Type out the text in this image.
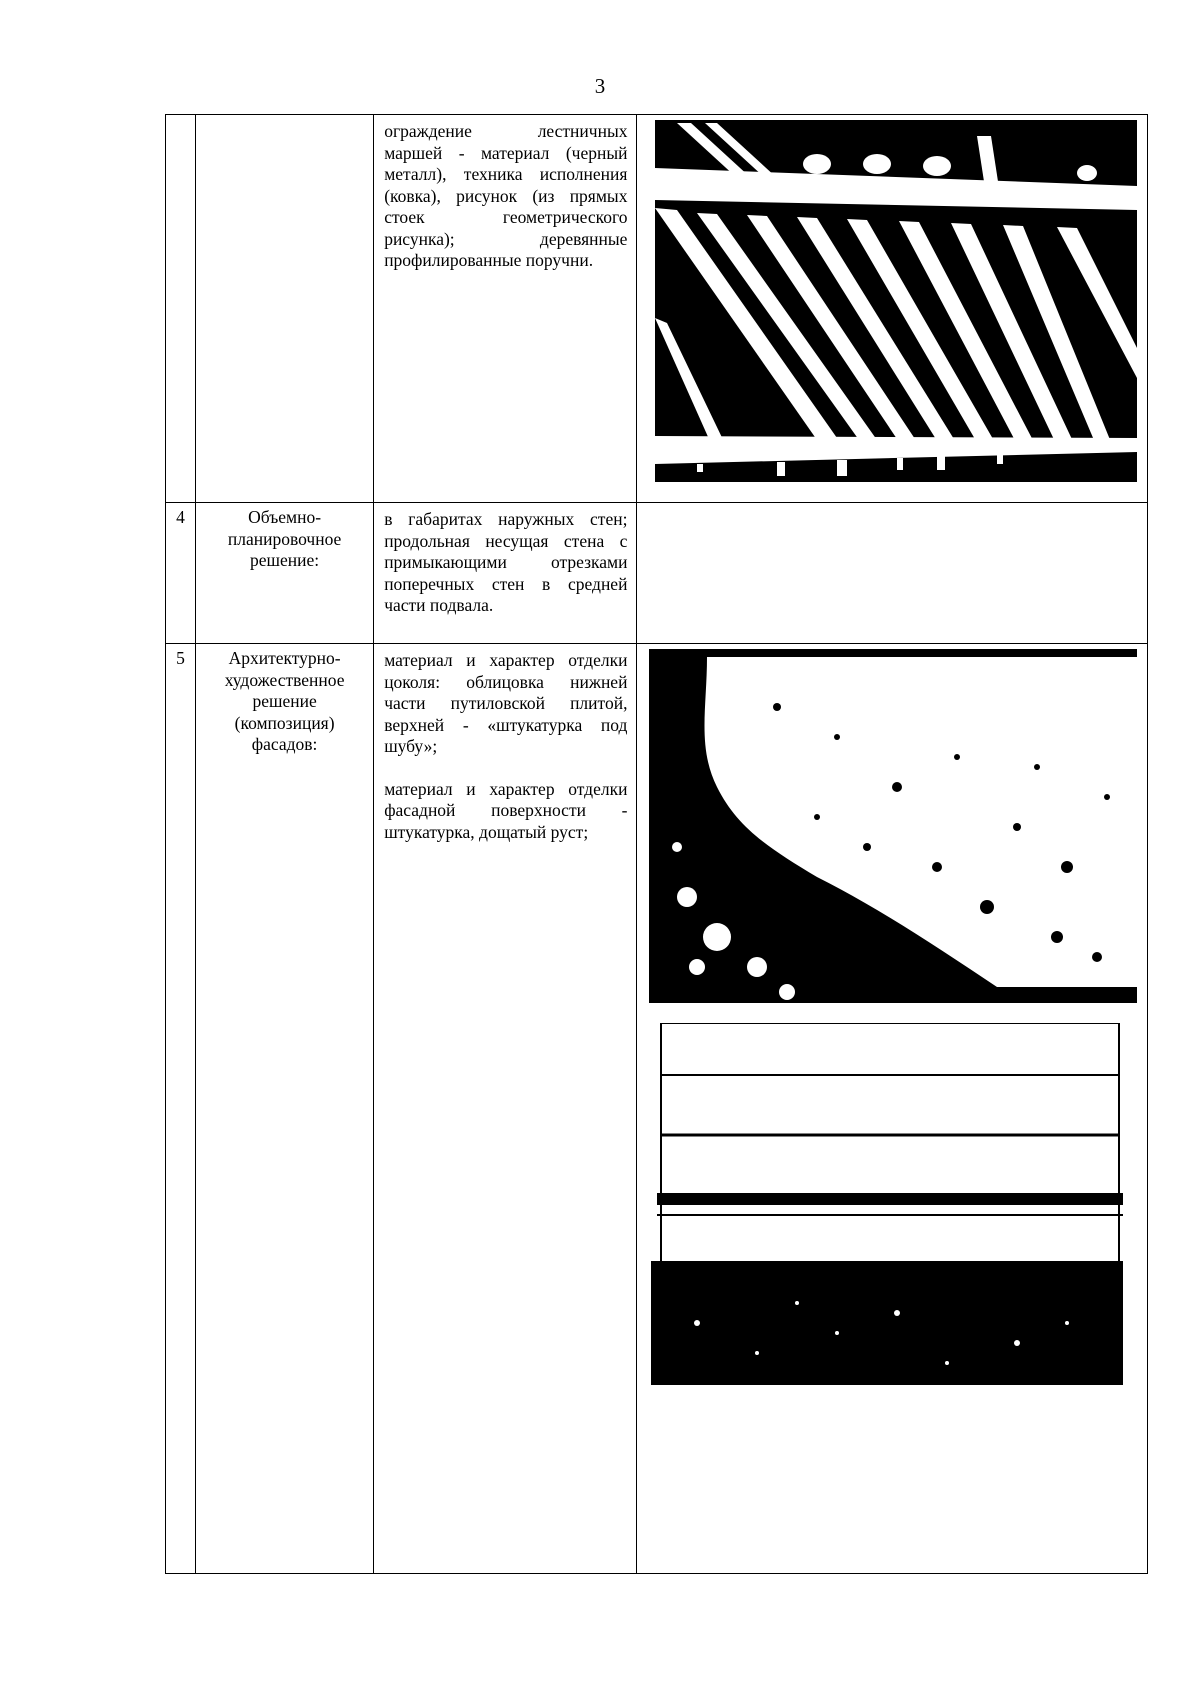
3
		ограждение лестничных маршей - материал (черный металл), техника исполнения (ковка), рисунок (из прямых стоек геометрического рисунка); деревянные профилированные поручни.	

4	Объемно-планировочное решение:	в габаритах наружных стен; продольная несущая стена с примыкающими отрезками поперечных стен в средней части подвала.	
5	Архитектурно-художественное решение (композиция) фасадов:	материал и характер отделки цоколя: облицовка нижней части путиловской плитой, верхней - «штукатурка под шубу»;
материал и характер отделки фасадной поверхности - штукатурка, дощатый руст;
